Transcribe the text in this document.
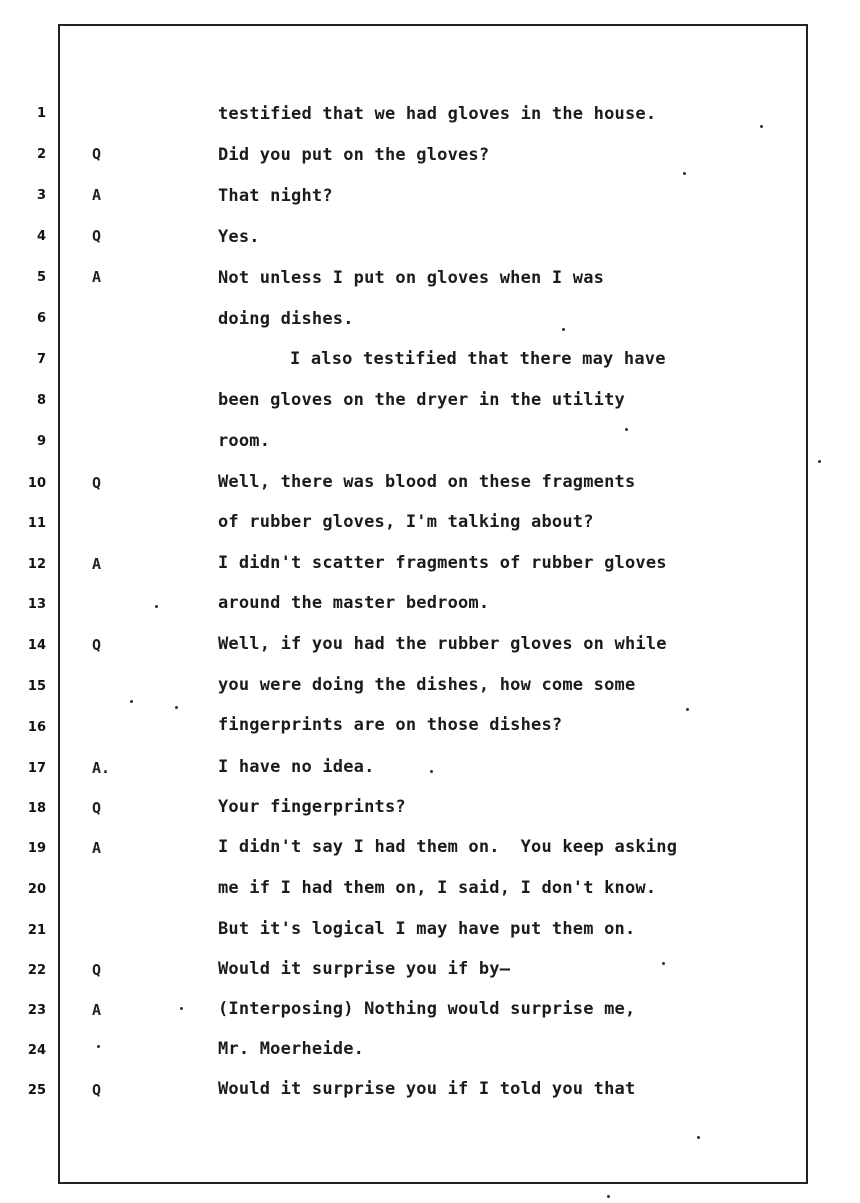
1	testified that we had gloves in the house.
2	Q	Did you put on the gloves?
3	A	That night?
4	Q	Yes.
5	A	Not unless I put on gloves when I was
6	doing dishes.
7	I also testified that there may have
8	been gloves on the dryer in the utility
9	room.
10	Q	Well, there was blood on these fragments
11	of rubber gloves, I'm talking about?
12	A	I didn't scatter fragments of rubber gloves
13	around the master bedroom.
14	Q	Well, if you had the rubber gloves on while
15	you were doing the dishes, how come some
16	fingerprints are on those dishes?
17	A.	I have no idea.
18	Q	Your fingerprints?
19	A	I didn't say I had them on.  You keep asking
20	me if I had them on, I said, I don't know.
21	But it's logical I may have put them on.
22	Q	Would it surprise you if by—
23	A	(Interposing) Nothing would surprise me,
24	Mr. Moerheide.
25	Q	Would it surprise you if I told you that
